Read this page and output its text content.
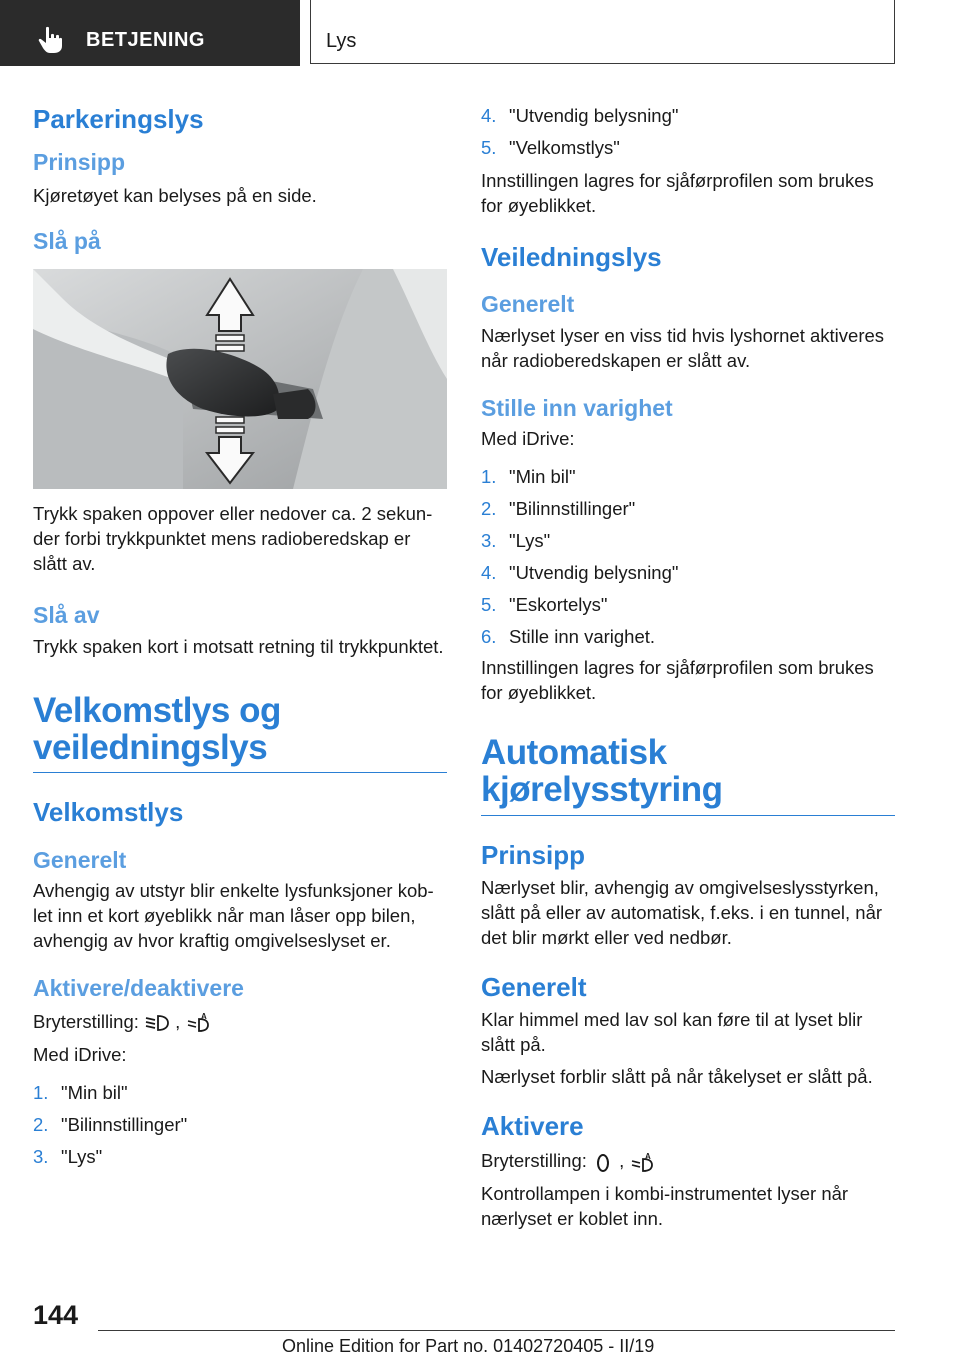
BETJENING	Lys
Parkeringslys
Prinsipp
Kjøretøyet kan belyses på en side.
Slå på
Trykk spaken oppover eller nedover ca. 2 sekunder forbi trykkpunktet mens radioberedskap er slått av.
Slå av
Trykk spaken kort i motsatt retning til trykkpunktet.
Velkomstlys og veiledningslys
Velkomstlys
Generelt
Avhengig av utstyr blir enkelte lysfunksjoner koblet inn et kort øyeblikk når man låser opp bilen, avhengig av hvor kraftig omgivelseslyset er.
Aktivere/deaktivere
Bryterstilling: ,	A
Med iDrive:
1. "Min bil"
2. "Bilinnstillinger"
3. "Lys"
4. "Utvendig belysning"
5. "Velkomstlys"
Innstillingen lagres for sjåførprofilen som brukes for øyeblikket.
Veiledningslys
Generelt
Nærlyset lyser en viss tid hvis lyshornet aktiveres når radioberedskapen er slått av.
Stille inn varighet
Med iDrive:
1. "Min bil"
2. "Bilinnstillinger"
3. "Lys"
4. "Utvendig belysning"
5. "Eskortelys"
6. Stille inn varighet.
Innstillingen lagres for sjåførprofilen som brukes for øyeblikket.
Automatisk kjørelysstyring
Prinsipp
Nærlyset blir, avhengig av omgivelseslysstyrken, slått på eller av automatisk, f.eks. i en tunnel, når det blir mørkt eller ved nedbør.
Generelt
Klar himmel med lav sol kan føre til at lyset blir slått på.
Nærlyset forblir slått på når tåkelyset er slått på.
Aktivere
Bryterstilling: ,	A
Kontrollampen i kombi-instrumentet lyser når nærlyset er koblet inn.
144
Online Edition for Part no. 01402720405 - II/19
